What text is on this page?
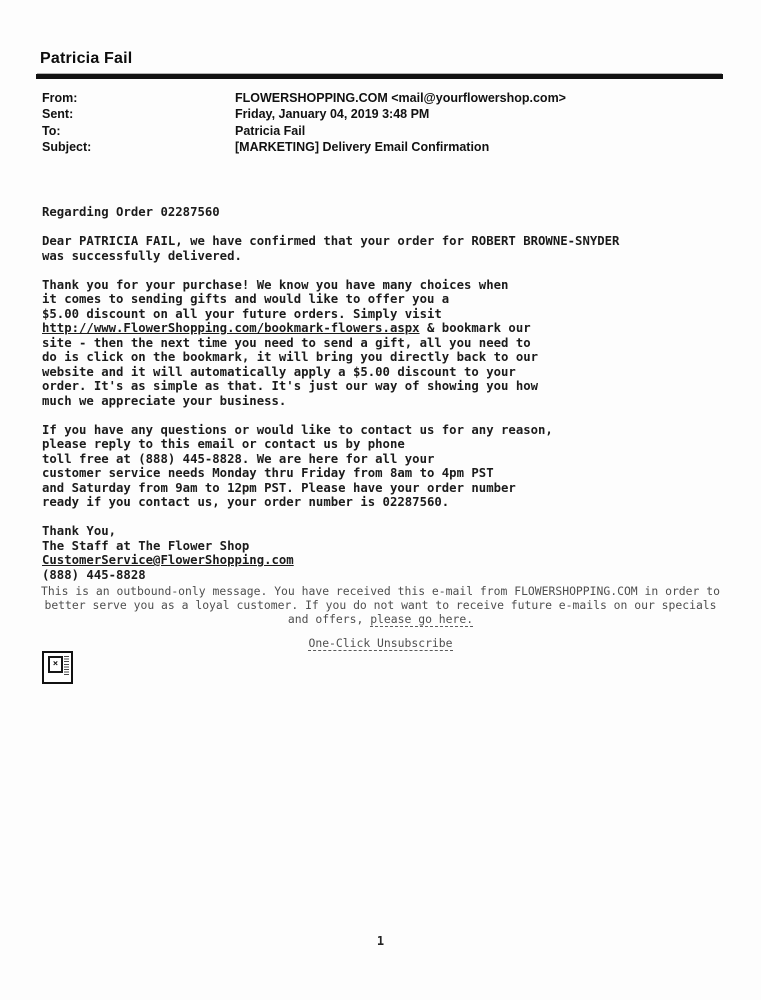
Patricia Fail
From:	FLOWERSHOPPING.COM <mail@yourflowershop.com>
Sent:	Friday, January 04, 2019 3:48 PM
To:	Patricia Fail
Subject:	[MARKETING] Delivery Email Confirmation
Regarding Order 02287560

Dear PATRICIA FAIL, we have confirmed that your order for ROBERT BROWNE-SNYDER
was successfully delivered.

Thank you for your purchase! We know you have many choices when
it comes to sending gifts and would like to offer you a
$5.00 discount on all your future orders. Simply visit
http://www.FlowerShopping.com/bookmark-flowers.aspx & bookmark our
site - then the next time you need to send a gift, all you need to
do is click on the bookmark, it will bring you directly back to our
website and it will automatically apply a $5.00 discount to your
order. It's as simple as that. It's just our way of showing you how
much we appreciate your business.

If you have any questions or would like to contact us for any reason,
please reply to this email or contact us by phone
toll free at (888) 445-8828. We are here for all your
customer service needs Monday thru Friday from 8am to 4pm PST
and Saturday from 9am to 12pm PST. Please have your order number
ready if you contact us, your order number is 02287560.

Thank You,
The Staff at The Flower Shop
CustomerService@FlowerShopping.com
(888) 445-8828
This is an outbound-only message. You have received this e-mail from FLOWERSHOPPING.COM in order to
better serve you as a loyal customer. If you do not want to receive future e-mails on our specials
and offers, please go here.
One-Click Unsubscribe
×
1
